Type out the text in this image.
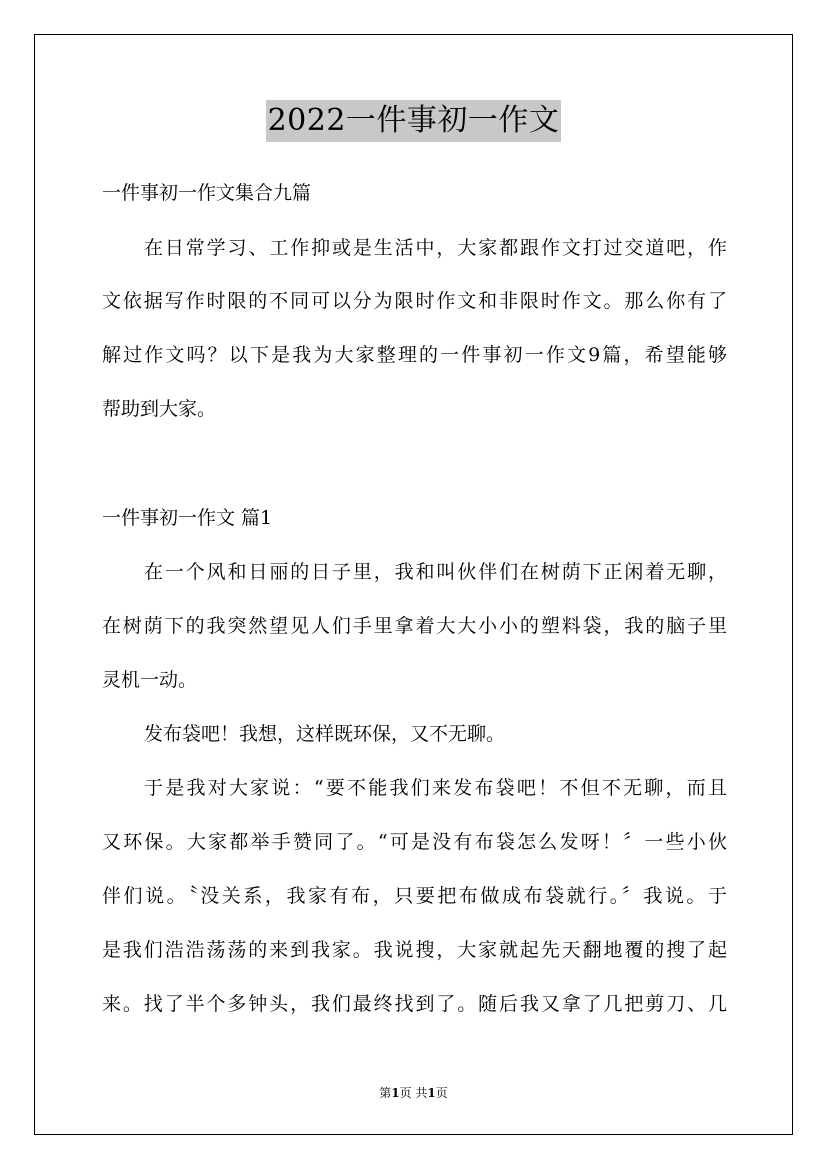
2022一件事初一作文
一件事初一作文集合九篇
在日常学习、工作抑或是生活中，大家都跟作文打过交道吧，作
文依据写作时限的不同可以分为限时作文和非限时作文。那么你有了
解过作文吗？以下是我为大家整理的一件事初一作文9篇，希望能够
帮助到大家。
一件事初一作文 篇1
在一个风和日丽的日子里，我和叫伙伴们在树荫下正闲着无聊，
在树荫下的我突然望见人们手里拿着大大小小的塑料袋，我的脑子里
灵机一动。
发布袋吧！我想，这样既环保，又不无聊。
于是我对大家说：“要不能我们来发布袋吧！不但不无聊，而且
又环保。大家都举手赞同了。“可是没有布袋怎么发呀！〞一些小伙
伴们说。〝没关系，我家有布，只要把布做成布袋就行。〞我说。于
是我们浩浩荡荡的来到我家。我说搜，大家就起先天翻地覆的搜了起
来。找了半个多钟头，我们最终找到了。随后我又拿了几把剪刀、几
第1页 共1页
